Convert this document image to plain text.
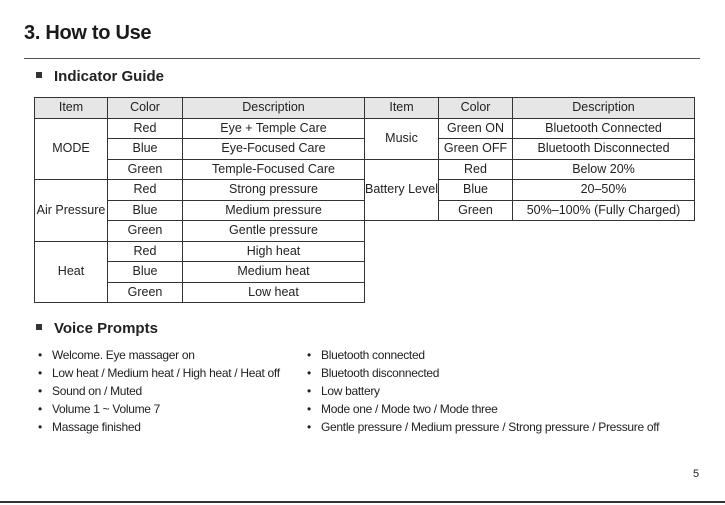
3. How to Use
Indicator Guide
Item	Color	Description
MODE	Red	Eye + Temple Care
	Blue	Eye-Focused Care
	Green	Temple-Focused Care
Air Pressure	Red	Strong pressure
	Blue	Medium pressure
	Green	Gentle pressure
Heat	Red	High heat
	Blue	Medium heat
	Green	Low heat
Item	Color	Description
Music	Green ON	Bluetooth Connected
	Green OFF	Bluetooth Disconnected
Battery Level	Red	Below 20%
	Blue	20–50%
	Green	50%–100% (Fully Charged)
Voice Prompts
• Welcome. Eye massager on
• Low heat / Medium heat / High heat / Heat off
• Sound on / Muted
• Volume 1 ~ Volume 7
• Massage finished
• Bluetooth connected
• Bluetooth disconnected
• Low battery
• Mode one / Mode two / Mode three
• Gentle pressure / Medium pressure / Strong pressure / Pressure off
5
